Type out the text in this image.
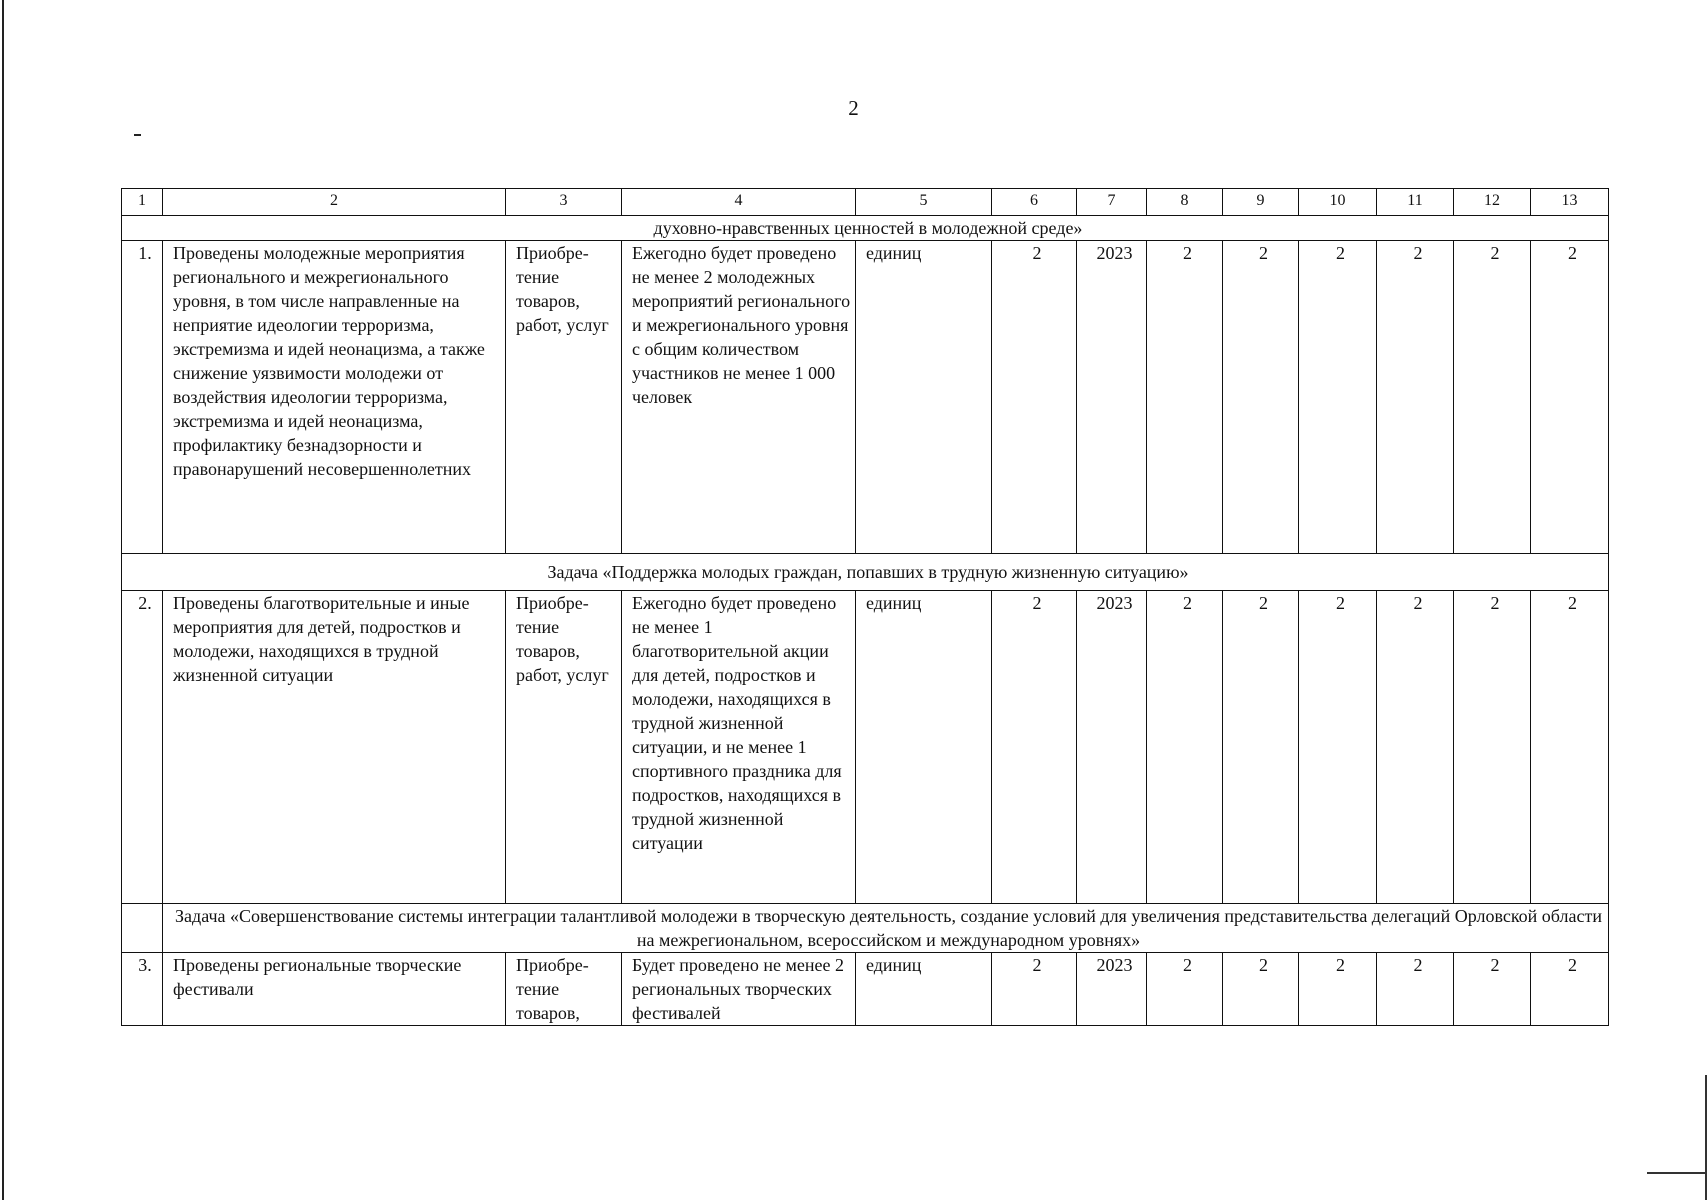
2
1	2	3	4	5	6	7	8	9	10	11	12	13
духовно-нравственных ценностей в молодежной среде»												
1.	Проведены молодежные мероприятия регионального и межрегионального уровня, в том числе направленные на неприятие идеологии терроризма, экстремизма и идей неонацизма, а также снижение уязвимости молодежи от воздействия идеологии терроризма, экстремизма и идей неонацизма, профилактику безнадзорности и правонарушений несовершеннолетних	Приобре-тение товаров, работ, услуг	Ежегодно будет проведено не менее 2 молодежных мероприятий регионального и межрегионального уровня с общим количеством участников не менее 1 000 человек	единиц	2	2023	2	2	2	2	2	2
Задача «Поддержка молодых граждан, попавших в трудную жизненную ситуацию»												
2.	Проведены благотворительные и иные мероприятия для детей, подростков и молодежи, находящихся в трудной жизненной ситуации	Приобре-тение товаров, работ, услуг	Ежегодно будет проведено не менее 1 благотворительной акции для детей, подростков и молодежи, находящихся в трудной жизненной ситуации, и не менее 1 спортивного праздника для подростков, находящихся в трудной жизненной ситуации	единиц	2	2023	2	2	2	2	2	2
	Задача «Совершенствование системы интеграции талантливой молодежи в творческую деятельность, создание условий для увеличения представительства делегаций Орловской области на межрегиональном, всероссийском и международном уровнях»											
3.	Проведены региональные творческие фестивали	Приобре-тение товаров,	Будет проведено не менее 2 региональных творческих фестивалей	единиц	2	2023	2	2	2	2	2	2
